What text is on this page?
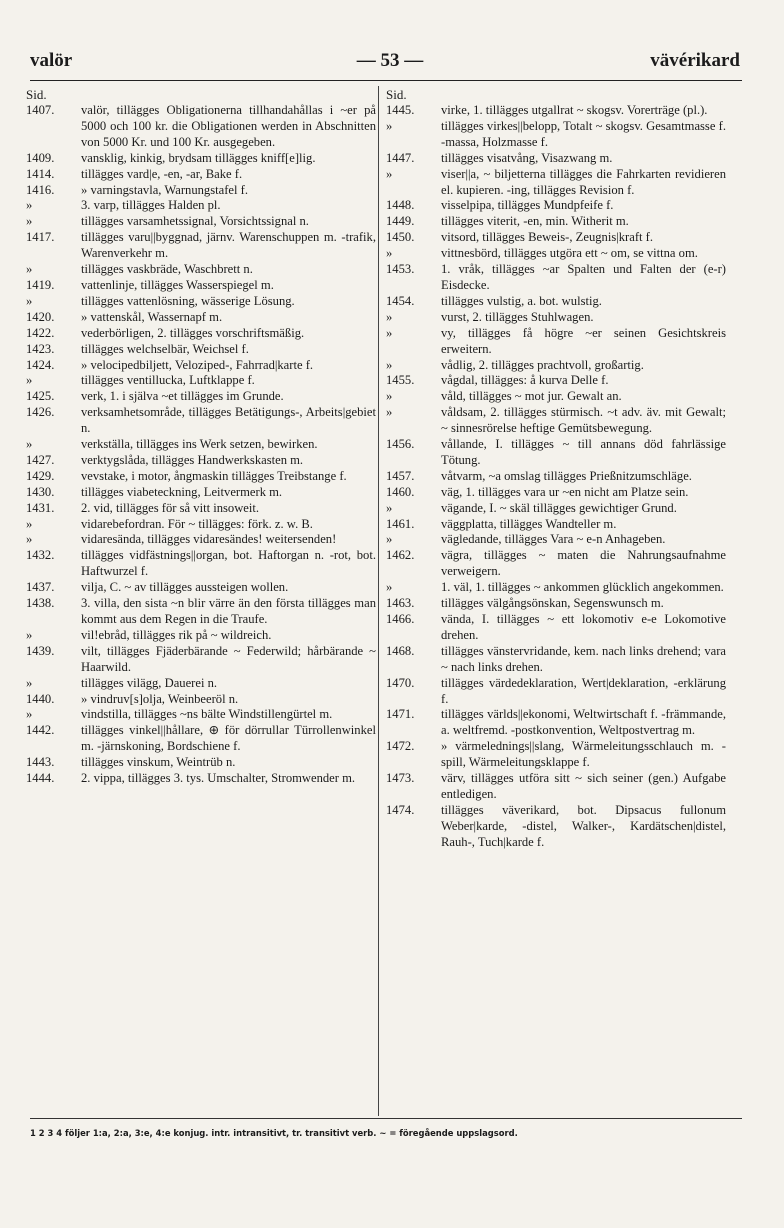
valör	— 53 —	vävérikard
Sid.
1407.	valör, tillägges Obligationerna tillhandahållas i ~er på 5000 och 100 kr. die Obligationen werden in Abschnitten von 5000 Kr. und 100 Kr. ausgegeben.
1409.	vansklig, kinkig, brydsam tillägges kniff[e]lig.
1414.	tillägges vard|e, -en, -ar, Bake f.
1416.	» varningstavla, Warnungstafel f.
»	3. varp, tillägges Halden pl.
»	tillägges varsamhetssignal, Vorsichtssignal n.
1417.	tillägges varu||byggnad, järnv. Warenschuppen m. -trafik, Warenverkehr m.
»	tillägges vaskbräde, Waschbrett n.
1419.	vattenlinje, tillägges Wasserspiegel m.
»	tillägges vattenlösning, wässerige Lösung.
1420.	» vattenskål, Wassernapf m.
1422.	vederbörligen, 2. tillägges vorschriftsmäßig.
1423.	tillägges welchselbär, Weichsel f.
1424.	» velocipedbiljett, Veloziped-, Fahrrad|karte f.
»	tillägges ventillucka, Luftklappe f.
1425.	verk, 1. i själva ~et tillägges im Grunde.
1426.	verksamhetsområde, tillägges Betätigungs-, Arbeits|gebiet n.
»	verkställa, tillägges ins Werk setzen, bewirken.
1427.	verktygslåda, tillägges Handwerkskasten m.
1429.	vevstake, i motor, ångmaskin tillägges Treibstange f.
1430.	tillägges viabeteckning, Leitvermerk m.
1431.	2. vid, tillägges för så vitt insoweit.
»	vidarebefordran. För ~ tillägges: förk. z. w. B.
»	vidaresända, tillägges vidaresändes! weitersenden!
1432.	tillägges vidfästnings||organ, bot. Haftorgan n. -rot, bot. Haftwurzel f.
1437.	vilja, C. ~ av tillägges aussteigen wollen.
1438.	3. villa, den sista ~n blir värre än den första tillägges man kommt aus dem Regen in die Traufe.
»	vil!ebråd, tillägges rik på ~ wildreich.
1439.	vilt, tillägges Fjäderbärande ~ Federwild; hårbärande ~ Haarwild.
»	tillägges vilägg, Dauerei n.
1440.	» vindruv[s]olja, Weinbeeröl n.
»	vindstilla, tillägges ~ns bälte Windstillengürtel m.
1442.	tillägges vinkel||hållare, ⊕ för dörrullar Türrollenwinkel m. -järnskoning, Bordschiene f.
1443.	tillägges vinskum, Weintrüb n.
1444.	2. vippa, tillägges 3. tys. Umschalter, Stromwender m.
Sid.
1445.	virke, 1. tillägges utgallrat ~ skogsv. Vorerträge (pl.).
»	tillägges virkes||belopp, Totalt ~ skogsv. Gesamtmasse f. -massa, Holzmasse f.
1447.	tillägges visatvång, Visazwang m.
»	viser||a, ~ biljetterna tillägges die Fahrkarten revidieren el. kupieren. -ing, tillägges Revision f.
1448.	visselpipa, tillägges Mundpfeife f.
1449.	tillägges viterit, -en, min. Witherit m.
1450.	vitsord, tillägges Beweis-, Zeugnis|kraft f.
»	vittnesbörd, tillägges utgöra ett ~ om, se vittna om.
1453.	1. vråk, tillägges ~ar Spalten und Falten der (e-r) Eisdecke.
1454.	tillägges vulstig, a. bot. wulstig.
»	vurst, 2. tillägges Stuhlwagen.
»	vy, tillägges få högre ~er seinen Gesichtskreis erweitern.
»	vådlig, 2. tillägges prachtvoll, großartig.
1455.	vågdal, tillägges: å kurva Delle f.
»	våld, tillägges ~ mot jur. Gewalt an.
»	våldsam, 2. tillägges stürmisch. ~t adv. äv. mit Gewalt; ~ sinnesrörelse heftige Gemütsbewegung.
1456.	vållande, I. tillägges ~ till annans död fahrlässige Tötung.
1457.	våtvarm, ~a omslag tillägges Prießnitzumschläge.
1460.	väg, 1. tillägges vara ur ~en nicht am Platze sein.
»	vägande, I. ~ skäl tillägges gewichtiger Grund.
1461.	väggplatta, tillägges Wandteller m.
»	vägledande, tillägges Vara ~ e-n Anhageben.
1462.	vägra, tillägges ~ maten die Nahrungsaufnahme verweigern.
»	1. väl, 1. tillägges ~ ankommen glücklich angekommen.
1463.	tillägges välgångsönskan, Segenswunsch m.
1466.	vända, I. tillägges ~ ett lokomotiv e-e Lokomotive drehen.
1468.	tillägges vänstervridande, kem. nach links drehend; vara ~ nach links drehen.
1470.	tillägges värdedeklaration, Wert|deklaration, -erklärung f.
1471.	tillägges världs||ekonomi, Weltwirtschaft f. -främmande, a. weltfremd. -postkonvention, Weltpostvertrag m.
1472.	» värmelednings||slang, Wärmeleitungsschlauch m. -spill, Wärmeleitungsklappe f.
1473.	värv, tillägges utföra sitt ~ sich seiner (gen.) Aufgabe entledigen.
1474.	tillägges väverikard, bot. Dipsacus fullonum Weber|karde, -distel, Walker-, Kardätschen|distel, Rauh-, Tuch|karde f.
1 2 3 4 följer 1:a, 2:a, 3:e, 4:e konjug. intr. intransitivt, tr. transitivt verb. ~ = föregående uppslagsord.
